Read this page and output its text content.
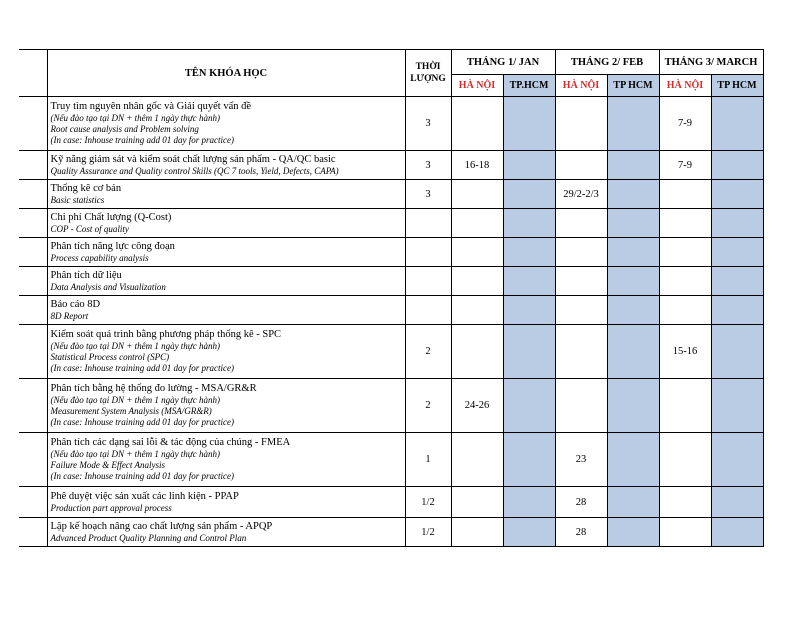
	TÊN KHÓA HỌC	THỜI LƯỢNG	THÁNG 1/ JAN		THÁNG 2/ FEB		THÁNG 3/ MARCH	
			HÀ NỘI	TP.HCM	HÀ NỘI	TP HCM	HÀ NỘI	TP HCM

	Truy tìm nguyên nhân gốc và Giải quyết vấn đề
(Nếu đào tạo tại DN + thêm 1 ngày thực hành)
Root cause analysis and Problem solving
(In case: Inhouse training add 01 day for practice)	3					7-9	

	Kỹ năng giám sát và kiểm soát chất lượng sản phẩm - QA/QC basic
Quality Assurance and Quality control Skills (QC 7 tools, Yield, Defects, CAPA)	3	16-18				7-9	

	Thống kê cơ bản
Basic statistics	3			29/2-2/3			

	Chi phí Chất lượng (Q-Cost)
COP - Cost of quality							

	Phân tích năng lực công đoạn
Process capability analysis							

	Phân tích dữ liệu
Data Analysis and Visualization							

	Báo cáo 8D
8D Report							

	Kiểm soát quá trình bằng phương pháp thống kê - SPC
(Nếu đào tạo tại DN + thêm 1 ngày thực hành)
Statistical Process control (SPC)
(In case: Inhouse training add 01 day for practice)	2					15-16	

	Phân tích bằng hệ thống đo lường - MSA/GR&R
(Nếu đào tạo tại DN + thêm 1 ngày thực hành)
Measurement System Analysis (MSA/GR&R)
(In case: Inhouse training add 01 day for practice)	2	24-26					

	Phân tích các dạng sai lỗi & tác động của chúng - FMEA
(Nếu đào tạo tại DN + thêm 1 ngày thực hành)
Failure Mode & Effect Analysis
(In case: Inhouse training add 01 day for practice)	1			23			

	Phê duyệt việc sản xuất các linh kiện - PPAP
Production part approval process	1/2			28			

	Lập kế hoạch nâng cao chất lượng sản phẩm - APQP
Advanced Product Quality Planning and Control Plan	1/2			28			
